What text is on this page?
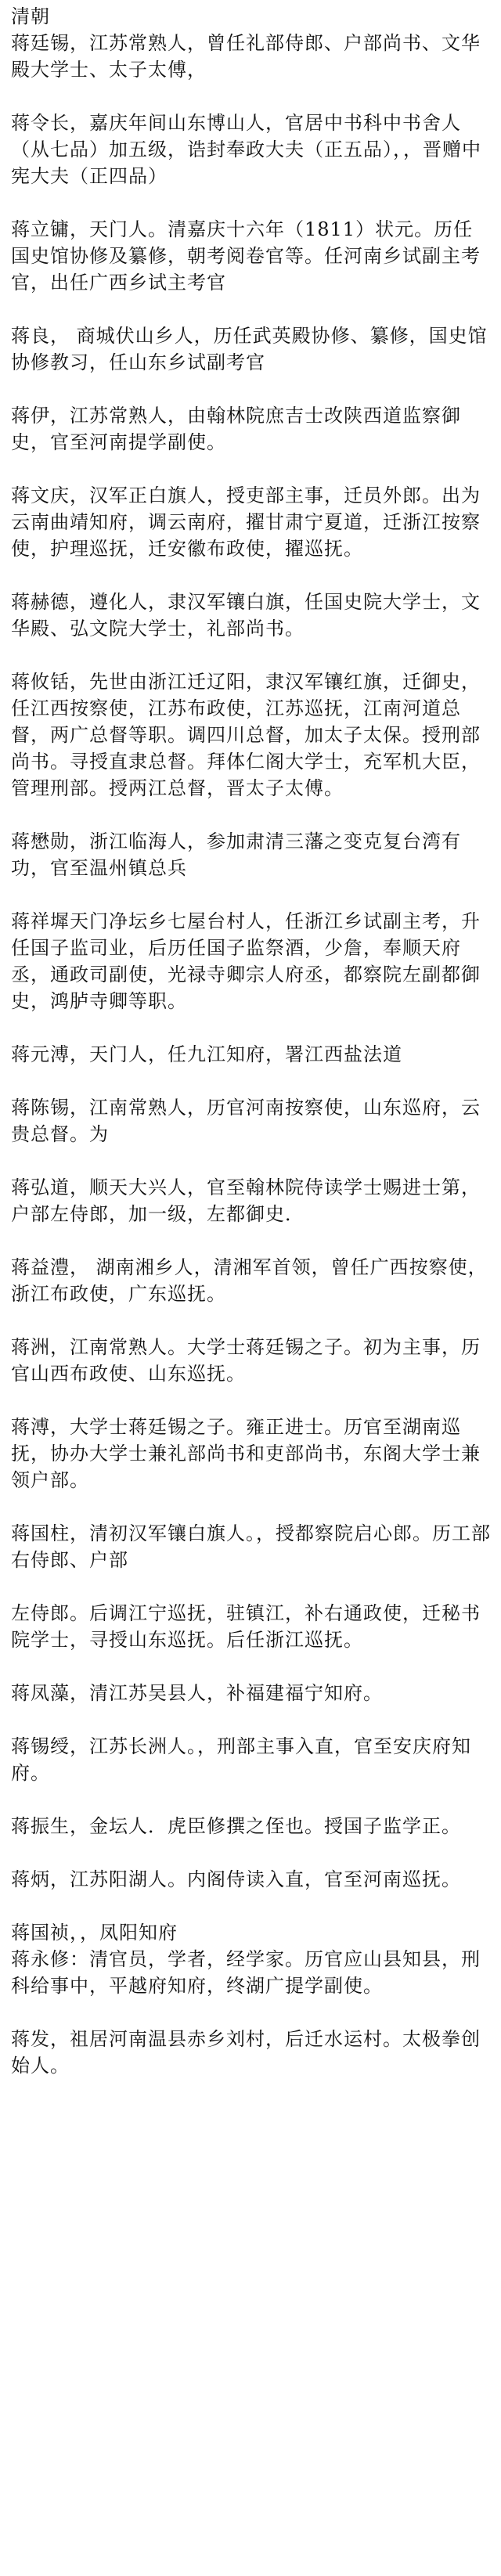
清朝
蒋廷锡，江苏常熟人，曾任礼部侍郎、户部尚书、文华殿大学士、太子太傅，
蒋令长，嘉庆年间山东博山人，官居中书科中书舍人（从七品）加五级，诰封奉政大夫（正五品），，晋赠中宪大夫（正四品）
蒋立镛，天门人。清嘉庆十六年（1811）状元。历任国史馆协修及纂修，朝考阅卷官等。任河南乡试副主考官，出任广西乡试主考官
蒋良， 商城伏山乡人，历任武英殿协修、纂修，国史馆协修教习，任山东乡试副考官
蒋伊，江苏常熟人，由翰林院庶吉士改陕西道监察御史，官至河南提学副使。
蒋文庆，汉军正白旗人，授吏部主事，迁员外郎。出为云南曲靖知府，调云南府，擢甘肃宁夏道，迁浙江按察使，护理巡抚，迁安徽布政使，擢巡抚。
蒋赫德，遵化人，隶汉军镶白旗，任国史院大学士，文华殿、弘文院大学士，礼部尚书。
蒋攸铦，先世由浙江迁辽阳，隶汉军镶红旗，迁御史，任江西按察使，江苏布政使，江苏巡抚，江南河道总督，两广总督等职。调四川总督，加太子太保。授刑部尚书。寻授直隶总督。拜体仁阁大学士，充军机大臣，管理刑部。授两江总督，晋太子太傅。
蒋懋勋，浙江临海人，参加肃清三藩之变克复台湾有功，官至温州镇总兵
蒋祥墀天门净坛乡七屋台村人，任浙江乡试副主考，升任国子监司业，后历任国子监祭酒，少詹，奉顺天府丞，通政司副使，光禄寺卿宗人府丞，都察院左副都御史，鸿胪寺卿等职。
蒋元溥，天门人，任九江知府，署江西盐法道
蒋陈锡，江南常熟人，历官河南按察使，山东巡府，云贵总督。为
蒋弘道，顺天大兴人，官至翰林院侍读学士赐进士第，户部左侍郎，加一级，左都御史．
蒋益澧， 湖南湘乡人，清湘军首领，曾任广西按察使，浙江布政使，广东巡抚。
蒋洲，江南常熟人。大学士蒋廷锡之子。初为主事，历官山西布政使、山东巡抚。
蒋溥，大学士蒋廷锡之子。雍正进士。历官至湖南巡抚，协办大学士兼礼部尚书和吏部尚书，东阁大学士兼领户部。
蒋国柱，清初汉军镶白旗人。，授都察院启心郎。历工部右侍郎、户部
左侍郎。后调江宁巡抚，驻镇江，补右通政使，迁秘书院学士，寻授山东巡抚。后任浙江巡抚。
蒋凤藻，清江苏吴县人，补福建福宁知府。
蒋锡绶，江苏长洲人。，刑部主事入直，官至安庆府知府。
蒋振生，金坛人．虎臣修撰之侄也。授国子监学正。
蒋炳，江苏阳湖人。内阁侍读入直，官至河南巡抚。
蒋国祯，，凤阳知府
蒋永修：清官员，学者，经学家。历官应山县知县，刑科给事中，平越府知府，终湖广提学副使。
蒋发，祖居河南温县赤乡刘村，后迁水运村。太极拳创始人。
